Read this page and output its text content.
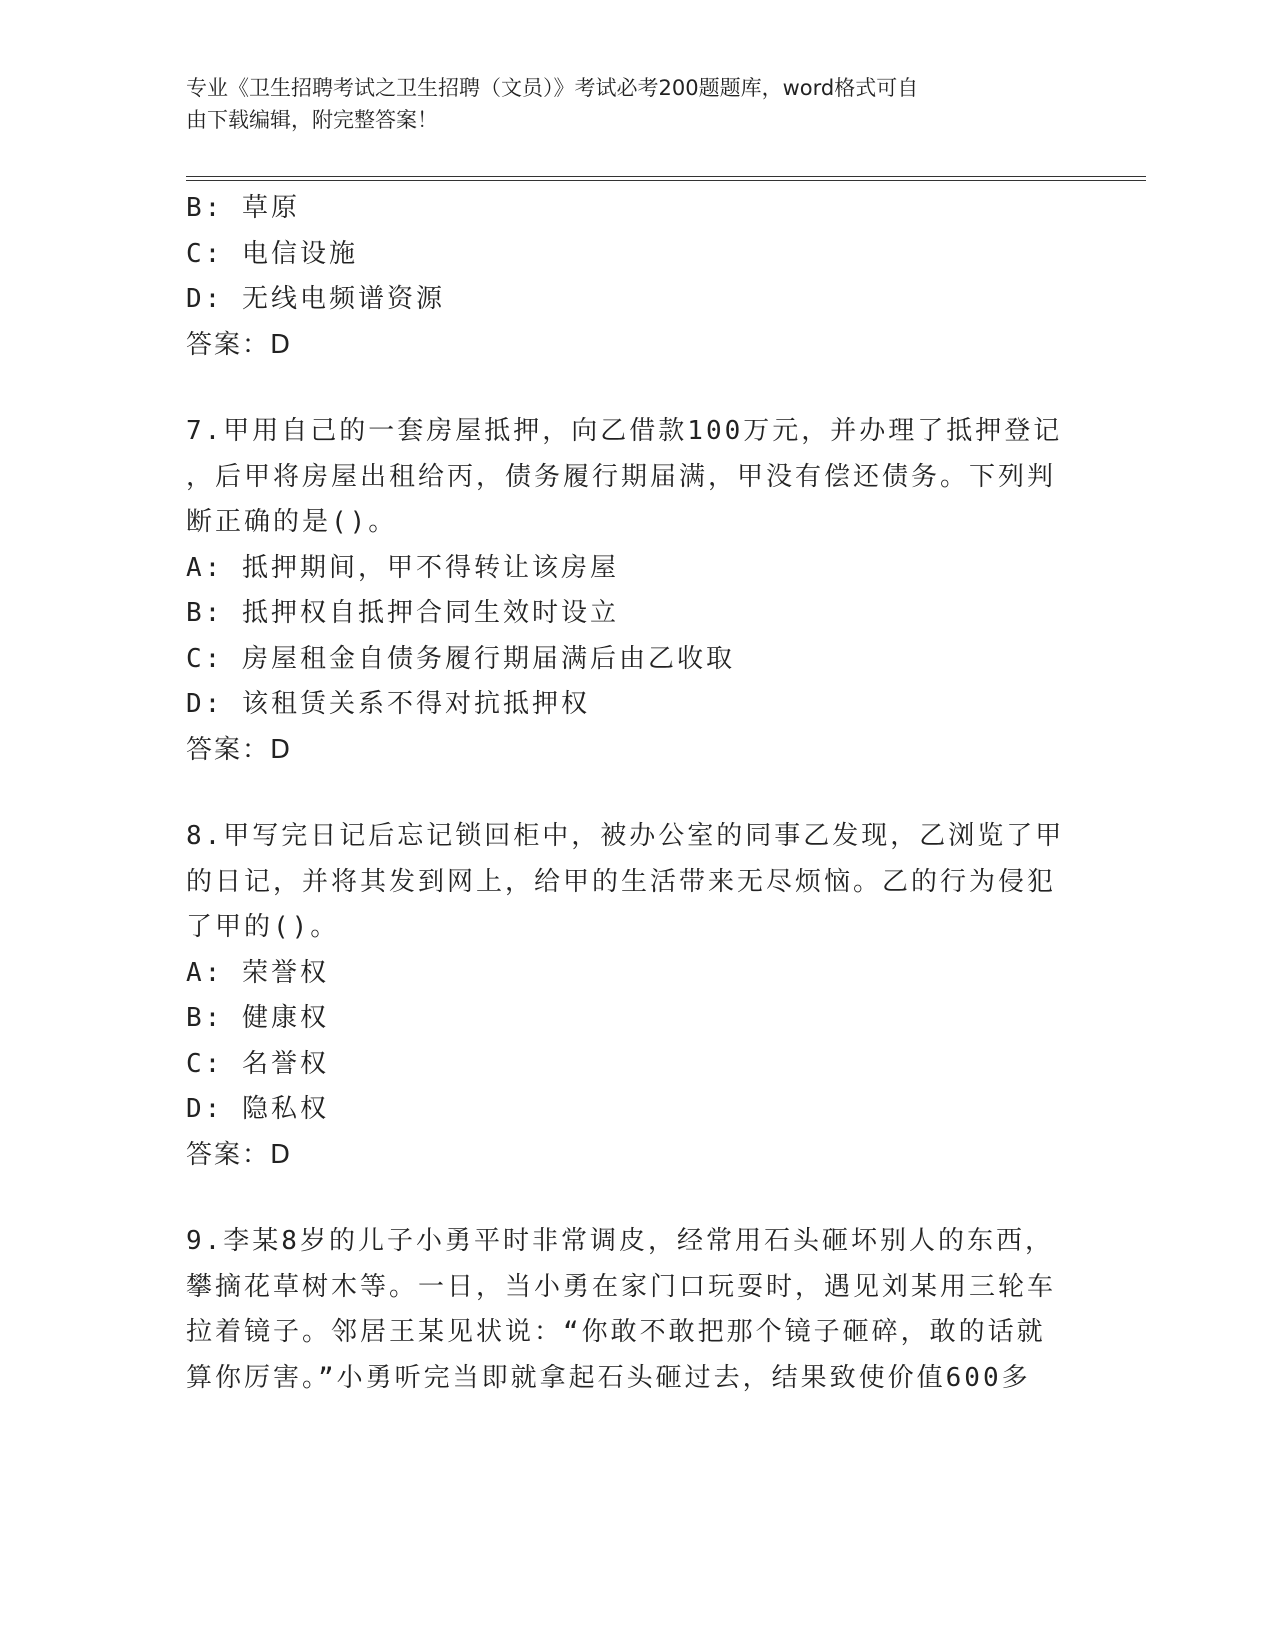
专业《卫生招聘考试之卫生招聘（文员）》考试必考200题题库，word格式可自
由下载编辑，附完整答案！
B: 草原
C: 电信设施
D: 无线电频谱资源
答案：D
7.甲用自己的一套房屋抵押，向乙借款100万元，并办理了抵押登记
，后甲将房屋出租给丙，债务履行期届满，甲没有偿还债务。下列判
断正确的是()。
A: 抵押期间，甲不得转让该房屋
B: 抵押权自抵押合同生效时设立
C: 房屋租金自债务履行期届满后由乙收取
D: 该租赁关系不得对抗抵押权
答案：D
8.甲写完日记后忘记锁回柜中，被办公室的同事乙发现，乙浏览了甲
的日记，并将其发到网上，给甲的生活带来无尽烦恼。乙的行为侵犯
了甲的()。
A: 荣誉权
B: 健康权
C: 名誉权
D: 隐私权
答案：D
9.李某8岁的儿子小勇平时非常调皮，经常用石头砸坏别人的东西，
攀摘花草树木等。一日，当小勇在家门口玩耍时，遇见刘某用三轮车
拉着镜子。邻居王某见状说：“你敢不敢把那个镜子砸碎，敢的话就
算你厉害。”小勇听完当即就拿起石头砸过去，结果致使价值600多
